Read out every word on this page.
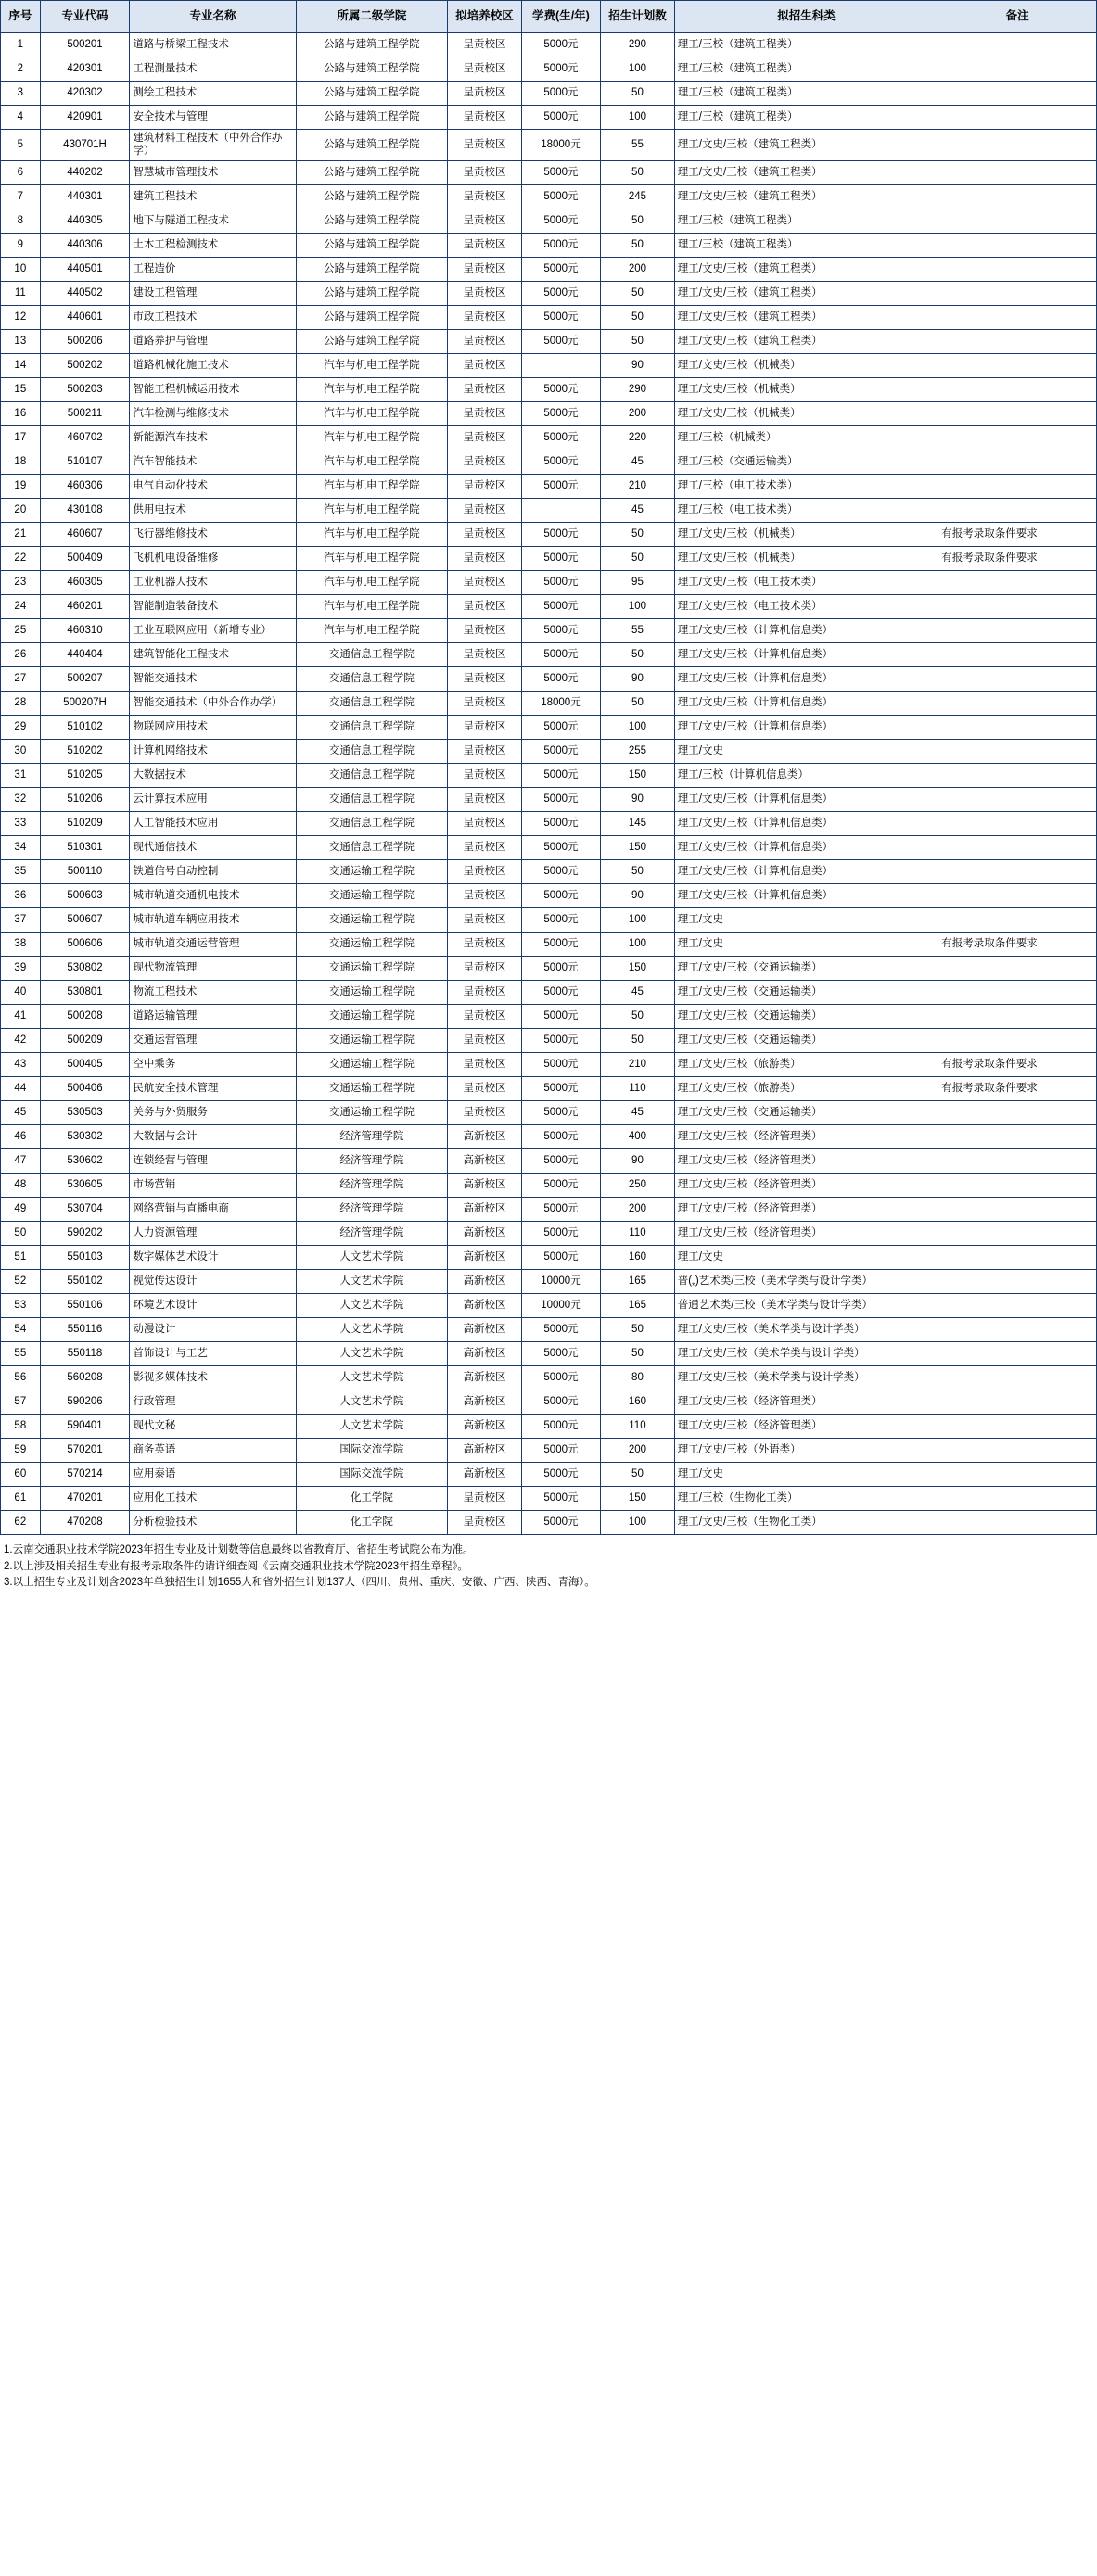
序号	专业代码	专业名称	所属二级学院	拟培养校区	学费(生/年)	招生计划数	拟招生科类	备注
1	500201	道路与桥梁工程技术	公路与建筑工程学院	呈贡校区	5000元	290	理工/三校（建筑工程类）	
2	420301	工程测量技术	公路与建筑工程学院	呈贡校区	5000元	100	理工/三校（建筑工程类）	
3	420302	测绘工程技术	公路与建筑工程学院	呈贡校区	5000元	50	理工/三校（建筑工程类）	
4	420901	安全技术与管理	公路与建筑工程学院	呈贡校区	5000元	100	理工/三校（建筑工程类）	
5	430701H	建筑材料工程技术（中外合作办学）	公路与建筑工程学院	呈贡校区	18000元	55	理工/文史/三校（建筑工程类）	
6	440202	智慧城市管理技术	公路与建筑工程学院	呈贡校区	5000元	50	理工/文史/三校（建筑工程类）	
7	440301	建筑工程技术	公路与建筑工程学院	呈贡校区	5000元	245	理工/文史/三校（建筑工程类）	
8	440305	地下与隧道工程技术	公路与建筑工程学院	呈贡校区	5000元	50	理工/三校（建筑工程类）	
9	440306	土木工程检测技术	公路与建筑工程学院	呈贡校区	5000元	50	理工/三校（建筑工程类）	
10	440501	工程造价	公路与建筑工程学院	呈贡校区	5000元	200	理工/文史/三校（建筑工程类）	
11	440502	建设工程管理	公路与建筑工程学院	呈贡校区	5000元	50	理工/文史/三校（建筑工程类）	
12	440601	市政工程技术	公路与建筑工程学院	呈贡校区	5000元	50	理工/文史/三校（建筑工程类）	
13	500206	道路养护与管理	公路与建筑工程学院	呈贡校区	5000元	50	理工/文史/三校（建筑工程类）	
14	500202	道路机械化施工技术	汽车与机电工程学院	呈贡校区		90	理工/文史/三校（机械类）	
15	500203	智能工程机械运用技术	汽车与机电工程学院	呈贡校区	5000元	290	理工/文史/三校（机械类）	
16	500211	汽车检测与维修技术	汽车与机电工程学院	呈贡校区	5000元	200	理工/文史/三校（机械类）	
17	460702	新能源汽车技术	汽车与机电工程学院	呈贡校区	5000元	220	理工/三校（机械类）	
18	510107	汽车智能技术	汽车与机电工程学院	呈贡校区	5000元	45	理工/三校（交通运输类）	
19	460306	电气自动化技术	汽车与机电工程学院	呈贡校区	5000元	210	理工/三校（电工技术类）	
20	430108	供用电技术	汽车与机电工程学院	呈贡校区		45	理工/三校（电工技术类）	
21	460607	飞行器维修技术	汽车与机电工程学院	呈贡校区	5000元	50	理工/文史/三校（机械类）	有报考录取条件要求
22	500409	飞机机电设备维修	汽车与机电工程学院	呈贡校区	5000元	50	理工/文史/三校（机械类）	有报考录取条件要求
23	460305	工业机器人技术	汽车与机电工程学院	呈贡校区	5000元	95	理工/文史/三校（电工技术类）	
24	460201	智能制造装备技术	汽车与机电工程学院	呈贡校区	5000元	100	理工/文史/三校（电工技术类）	
25	460310	工业互联网应用（新增专业）	汽车与机电工程学院	呈贡校区	5000元	55	理工/文史/三校（计算机信息类）	
26	440404	建筑智能化工程技术	交通信息工程学院	呈贡校区	5000元	50	理工/文史/三校（计算机信息类）	
27	500207	智能交通技术	交通信息工程学院	呈贡校区	5000元	90	理工/文史/三校（计算机信息类）	
28	500207H	智能交通技术（中外合作办学）	交通信息工程学院	呈贡校区	18000元	50	理工/文史/三校（计算机信息类）	
29	510102	物联网应用技术	交通信息工程学院	呈贡校区	5000元	100	理工/文史/三校（计算机信息类）	
30	510202	计算机网络技术	交通信息工程学院	呈贡校区	5000元	255	理工/文史	
31	510205	大数据技术	交通信息工程学院	呈贡校区	5000元	150	理工/三校（计算机信息类）	
32	510206	云计算技术应用	交通信息工程学院	呈贡校区	5000元	90	理工/文史/三校（计算机信息类）	
33	510209	人工智能技术应用	交通信息工程学院	呈贡校区	5000元	145	理工/文史/三校（计算机信息类）	
34	510301	现代通信技术	交通信息工程学院	呈贡校区	5000元	150	理工/文史/三校（计算机信息类）	
35	500110	铁道信号自动控制	交通运输工程学院	呈贡校区	5000元	50	理工/文史/三校（计算机信息类）	
36	500603	城市轨道交通机电技术	交通运输工程学院	呈贡校区	5000元	90	理工/文史/三校（计算机信息类）	
37	500607	城市轨道车辆应用技术	交通运输工程学院	呈贡校区	5000元	100	理工/文史	
38	500606	城市轨道交通运营管理	交通运输工程学院	呈贡校区	5000元	100	理工/文史	有报考录取条件要求
39	530802	现代物流管理	交通运输工程学院	呈贡校区	5000元	150	理工/文史/三校（交通运输类）	
40	530801	物流工程技术	交通运输工程学院	呈贡校区	5000元	45	理工/文史/三校（交通运输类）	
41	500208	道路运输管理	交通运输工程学院	呈贡校区	5000元	50	理工/文史/三校（交通运输类）	
42	500209	交通运营管理	交通运输工程学院	呈贡校区	5000元	50	理工/文史/三校（交通运输类）	
43	500405	空中乘务	交通运输工程学院	呈贡校区	5000元	210	理工/文史/三校（旅游类）	有报考录取条件要求
44	500406	民航安全技术管理	交通运输工程学院	呈贡校区	5000元	110	理工/文史/三校（旅游类）	有报考录取条件要求
45	530503	关务与外贸服务	交通运输工程学院	呈贡校区	5000元	45	理工/文史/三校（交通运输类）	
46	530302	大数据与会计	经济管理学院	高新校区	5000元	400	理工/文史/三校（经济管理类）	
47	530602	连锁经营与管理	经济管理学院	高新校区	5000元	90	理工/文史/三校（经济管理类）	
48	530605	市场营销	经济管理学院	高新校区	5000元	250	理工/文史/三校（经济管理类）	
49	530704	网络营销与直播电商	经济管理学院	高新校区	5000元	200	理工/文史/三校（经济管理类）	
50	590202	人力资源管理	经济管理学院	高新校区	5000元	110	理工/文史/三校（经济管理类）	
51	550103	数字媒体艺术设计	人文艺术学院	高新校区	5000元	160	理工/文史	
52	550102	视觉传达设计	人文艺术学院	高新校区	10000元	165	普(„)艺术类/三校（美术学类与设计学类）	
53	550106	环境艺术设计	人文艺术学院	高新校区	10000元	165	普通艺术类/三校（美术学类与设计学类）	
54	550116	动漫设计	人文艺术学院	高新校区	5000元	50	理工/文史/三校（美术学类与设计学类）	
55	550118	首饰设计与工艺	人文艺术学院	高新校区	5000元	50	理工/文史/三校（美术学类与设计学类）	
56	560208	影视多媒体技术	人文艺术学院	高新校区	5000元	80	理工/文史/三校（美术学类与设计学类）	
57	590206	行政管理	人文艺术学院	高新校区	5000元	160	理工/文史/三校（经济管理类）	
58	590401	现代文秘	人文艺术学院	高新校区	5000元	110	理工/文史/三校（经济管理类）	
59	570201	商务英语	国际交流学院	高新校区	5000元	200	理工/文史/三校（外语类）	
60	570214	应用泰语	国际交流学院	高新校区	5000元	50	理工/文史	
61	470201	应用化工技术	化工学院	呈贡校区	5000元	150	理工/三校（生物化工类）	
62	470208	分析检验技术	化工学院	呈贡校区	5000元	100	理工/文史/三校（生物化工类）	
1.云南交通职业技术学院2023年招生专业及计划数等信息最终以省教育厅、省招生考试院公布为准。
2.以上涉及相关招生专业有报考录取条件的请详细查阅《云南交通职业技术学院2023年招生章程》。
3.以上招生专业及计划含2023年单独招生计划1655人和省外招生计划137人（四川、贵州、重庆、安徽、广西、陕西、青海）。
